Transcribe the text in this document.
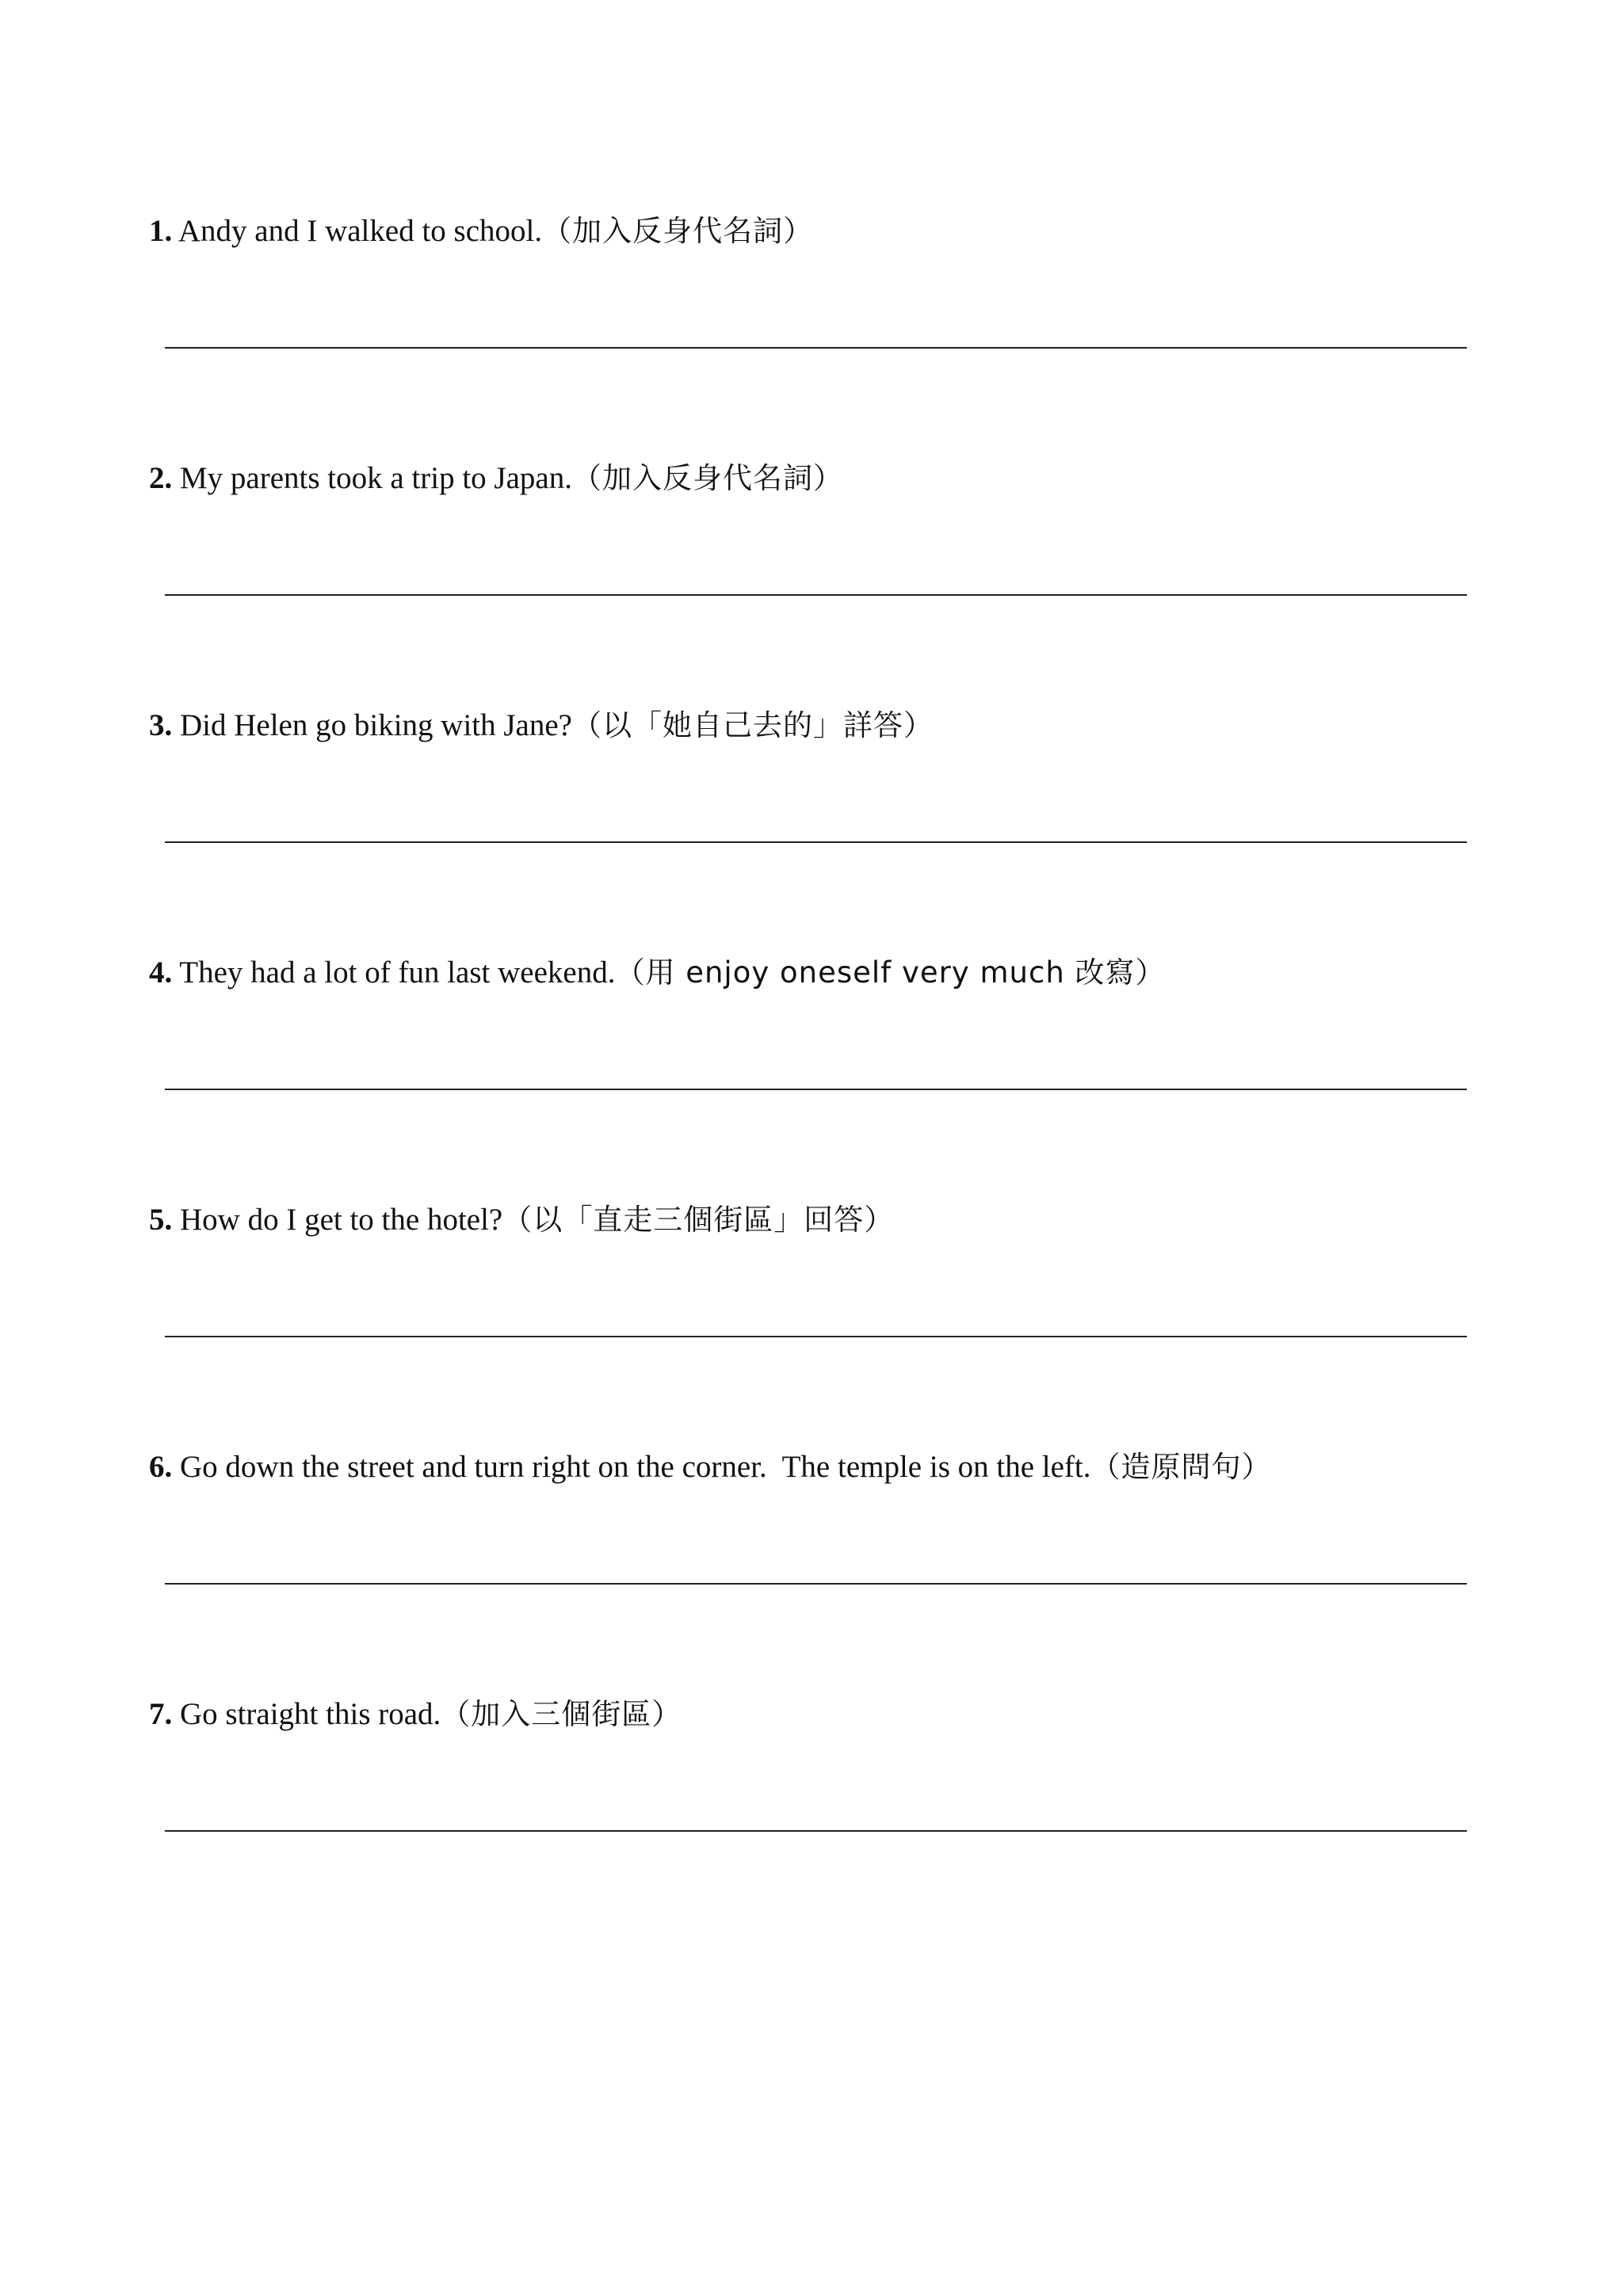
1. Andy and I walked to school.（加入反身代名詞）
2. My parents took a trip to Japan.（加入反身代名詞）
3. Did Helen go biking with Jane?（以「她自己去的」詳答）
4. They had a lot of fun last weekend.（用 enjoy oneself very much 改寫）
5. How do I get to the hotel?（以「直走三個街區」回答）
6. Go down the street and turn right on the corner.  The temple is on the left.（造原問句）
7. Go straight this road.（加入三個街區）
